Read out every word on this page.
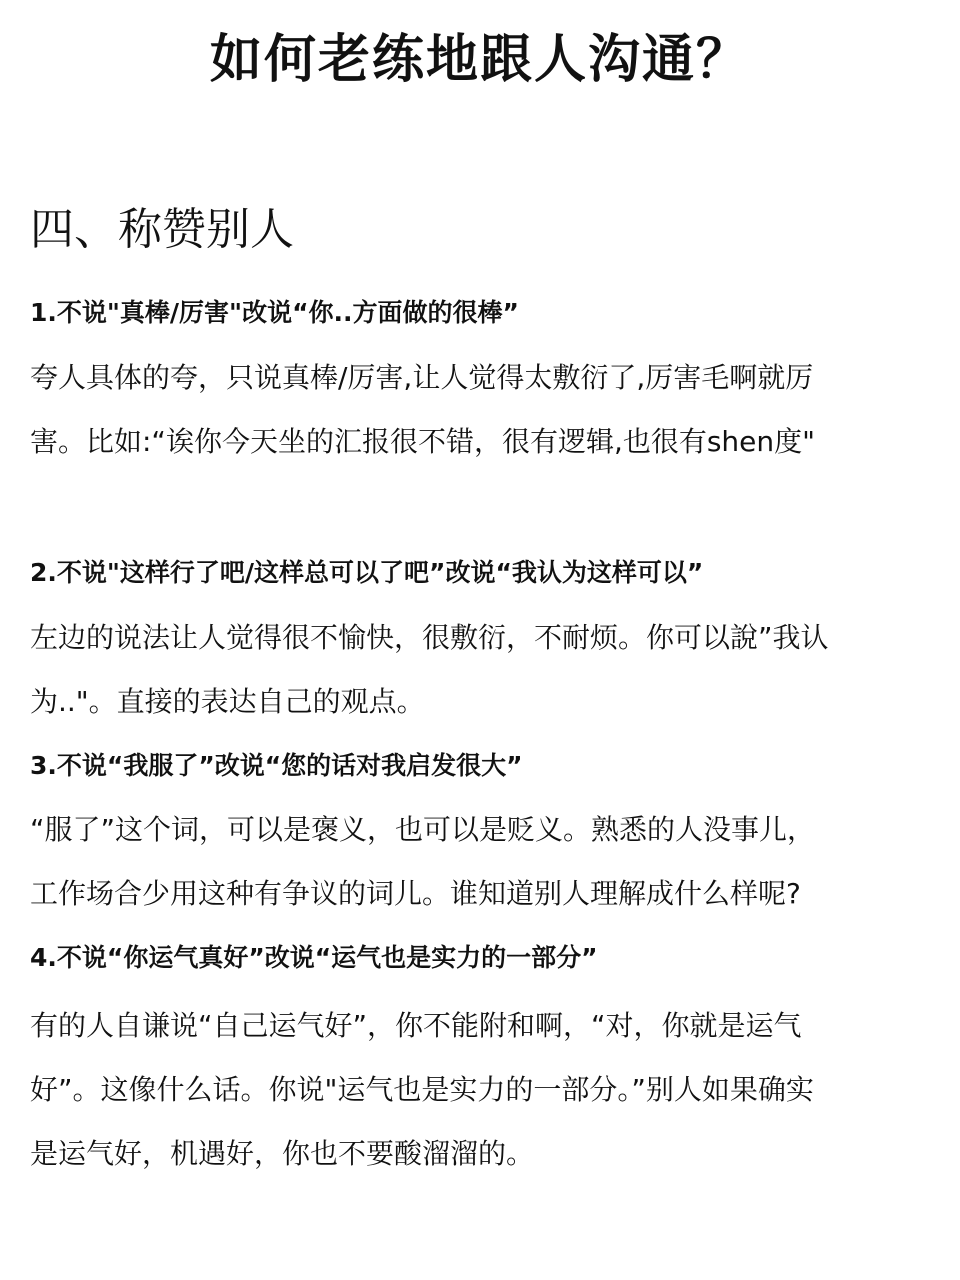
如何老练地跟人沟通？
四、称赞别人
1.不说"真棒/厉害"改说“你..方面做的很棒”
夸人具体的夸，只说真棒/厉害,让人觉得太敷衍了,厉害毛啊就厉
害。比如:“诶你今天坐的汇报很不错，很有逻辑,也很有shen度"
2.不说"这样行了吧/这样总可以了吧”改说“我认为这样可以”
左边的说法让人觉得很不愉快，很敷衍，不耐烦。你可以說”我认
为.."。直接的表达自己的观点。
3.不说“我服了”改说“您的话对我启发很大”
“服了”这个词，可以是褒义，也可以是贬义。熟悉的人没事儿，
工作场合少用这种有争议的词儿。谁知道别人理解成什么样呢?
4.不说“你运气真好”改说“运气也是实力的一部分”
有的人自谦说“自己运气好”，你不能附和啊，“对，你就是运气
好”。这像什么话。你说"运气也是实力的一部分。”别人如果确实
是运气好，机遇好，你也不要酸溜溜的。
